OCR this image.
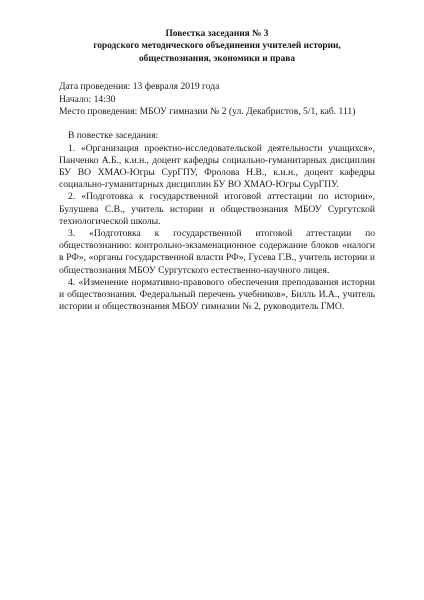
Повестка заседания № 3
городского методического объединения учителей истории,
обществознания, экономики и права
Дата проведения: 13 февраля 2019 года
Начало: 14:30
Место проведения: МБОУ гимназии № 2 (ул. Декабристов, 5/1, каб. 111)
В повестке заседания:

1. «Организация проектно-исследовательской деятельности учащихся», Панченко А.Б., к.и.н., доцент кафедры социально-гуманитарных дисциплин БУ ВО ХМАО-Югры СурГПУ, Фролова Н.В., к.и.н., доцент кафедры социально-гуманитарных дисциплин БУ ВО ХМАО-Югры СурГПУ.

2. «Подготовка к государственной итоговой аттестации по истории», Булушева С.В., учитель истории и обществознания МБОУ Сургутской технологической школы.

3. «Подготовка к государственной итоговой аттестации по обществознанию: контрольно-экзаменационное содержание блоков «налоги в РФ», «органы государственной власти РФ», Гусева Г.В., учитель истории и обществознания МБОУ Сургутского естественно-научного лицея.

4. «Изменение нормативно-правового обеспечения преподавания истории и обществознания. Федеральный перечень учебников», Билль И.А., учитель истории и обществознания МБОУ гимназии № 2, руководитель ГМО.
